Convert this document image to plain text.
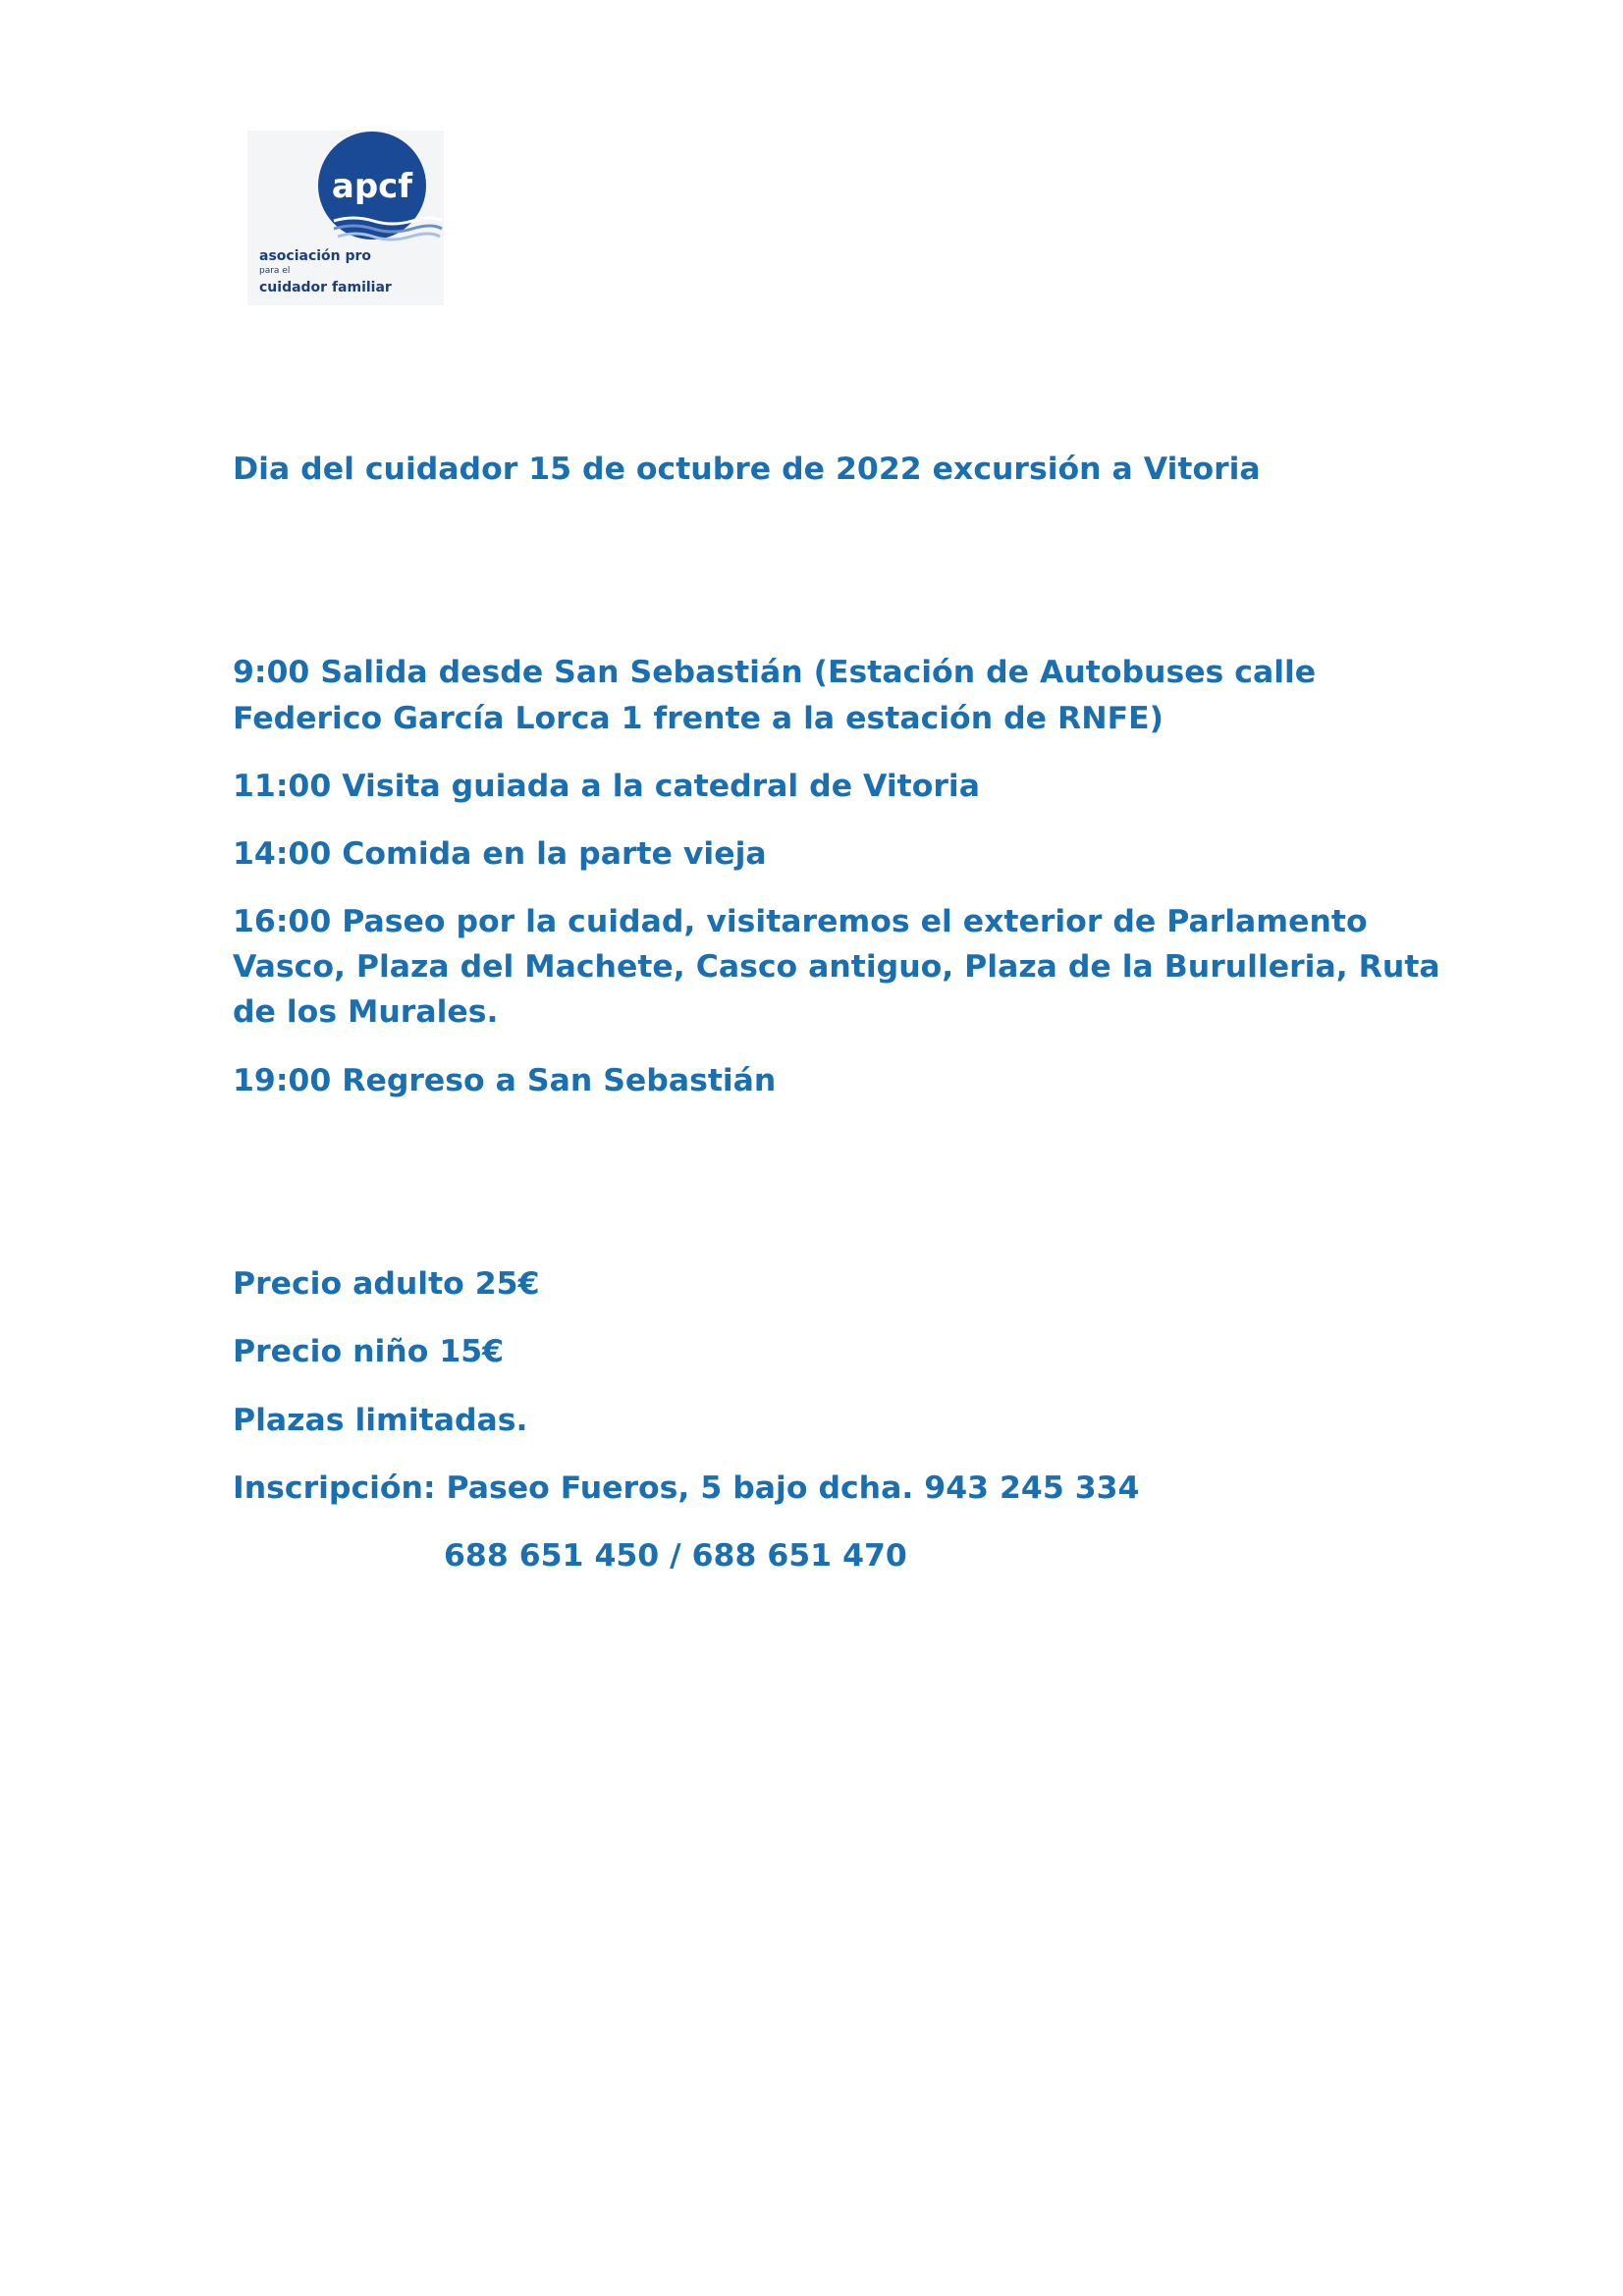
apcf
asociación pro
para el
cuidador familiar

Dia del cuidador 15 de octubre de 2022 excursión a Vitoria

9:00 Salida desde San Sebastián (Estación de Autobuses calle

Federico García Lorca 1 frente a la estación de RNFE)

11:00 Visita guiada a la catedral de Vitoria

14:00 Comida en la parte vieja

16:00 Paseo por la cuidad, visitaremos el exterior de Parlamento

Vasco, Plaza del Machete, Casco antiguo, Plaza de la Burulleria, Ruta

de los Murales.

19:00 Regreso a San Sebastián

Precio adulto 25€

Precio niño 15€

Plazas limitadas.

Inscripción: Paseo Fueros, 5 bajo dcha. 943 245 334

688 651 450 / 688 651 470
